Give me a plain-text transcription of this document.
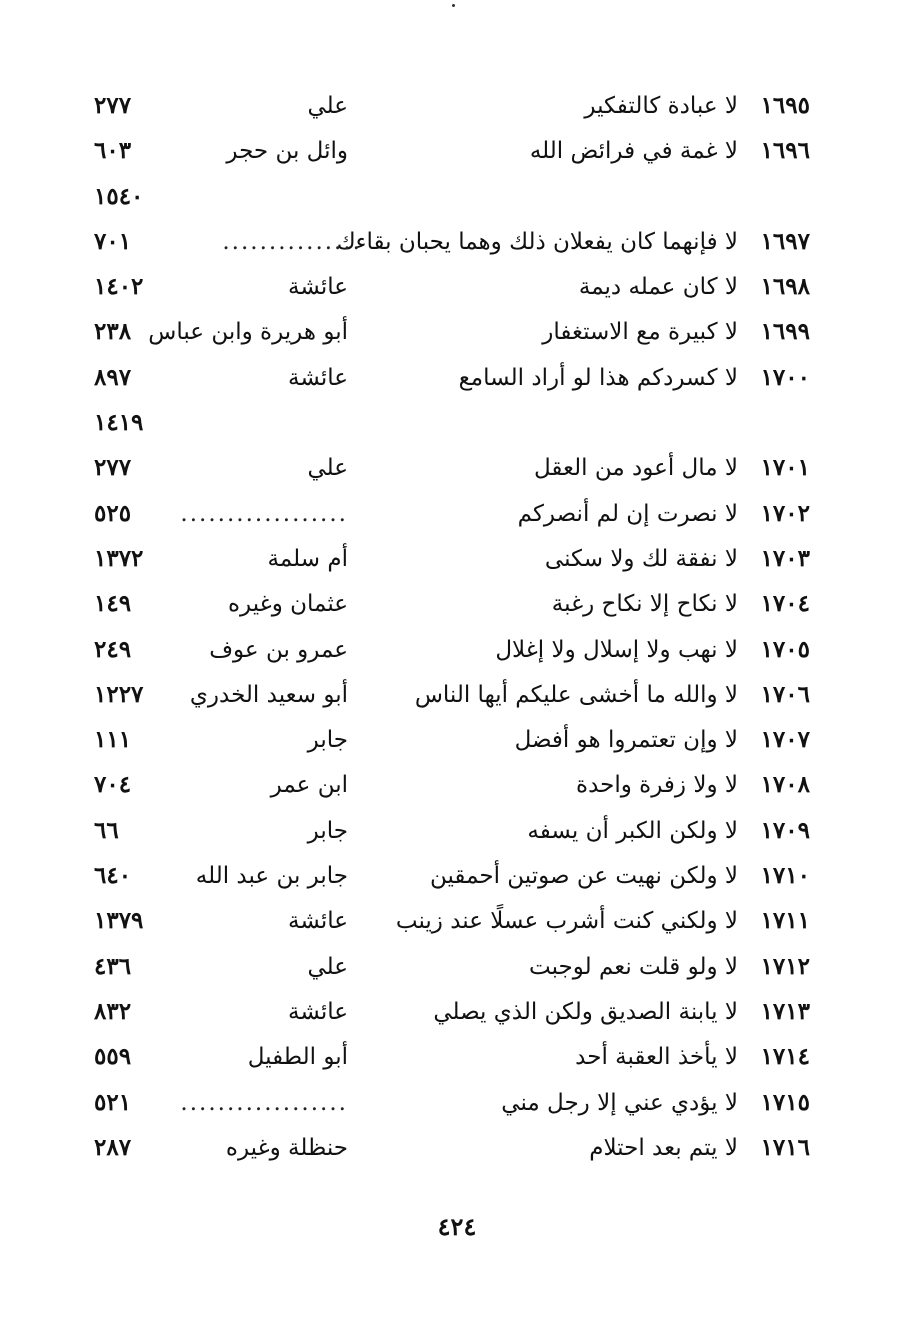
١٦٩٥
لا عبادة كالتفكير
علي
٢٧٧
١٦٩٦
لا غمة في فرائض الله
وائل بن حجر
٦٠٣
١٥٤٠
١٦٩٧
لا فإنهما كان يفعلان ذلك وهما يحبان بقاءك
...............
٧٠١
١٦٩٨
لا كان عمله ديمة
عائشة
١٤٠٢
١٦٩٩
لا كبيرة مع الاستغفار
أبو هريرة وابن عباس
٢٣٨
١٧٠٠
لا كسردكم هذا لو أراد السامع
عائشة
٨٩٧
١٤١٩
١٧٠١
لا مال أعود من العقل
علي
٢٧٧
١٧٠٢
لا نصرت إن لم أنصركم
..................
٥٢٥
١٧٠٣
لا نفقة لك ولا سكنى
أم سلمة
١٣٧٢
١٧٠٤
لا نكاح إلا نكاح رغبة
عثمان وغيره
١٤٩
١٧٠٥
لا نهب ولا إسلال ولا إغلال
عمرو بن عوف
٢٤٩
١٧٠٦
لا والله ما أخشى عليكم أيها الناس
أبو سعيد الخدري
١٢٢٧
١٧٠٧
لا وإن تعتمروا هو أفضل
جابر
١١١
١٧٠٨
لا ولا زفرة واحدة
ابن عمر
٧٠٤
١٧٠٩
لا ولكن الكبر أن يسفه
جابر
٦٦
١٧١٠
لا ولكن نهيت عن صوتين أحمقين
جابر بن عبد الله
٦٤٠
١٧١١
لا ولكني كنت أشرب عسلًا عند زينب
عائشة
١٣٧٩
١٧١٢
لا ولو قلت نعم لوجبت
علي
٤٣٦
١٧١٣
لا يابنة الصديق ولكن الذي يصلي
عائشة
٨٣٢
١٧١٤
لا يأخذ العقبة أحد
أبو الطفيل
٥٥٩
١٧١٥
لا يؤدي عني إلا رجل مني
..................
٥٢١
١٧١٦
لا يتم بعد احتلام
حنظلة وغيره
٢٨٧
٤٢٤
